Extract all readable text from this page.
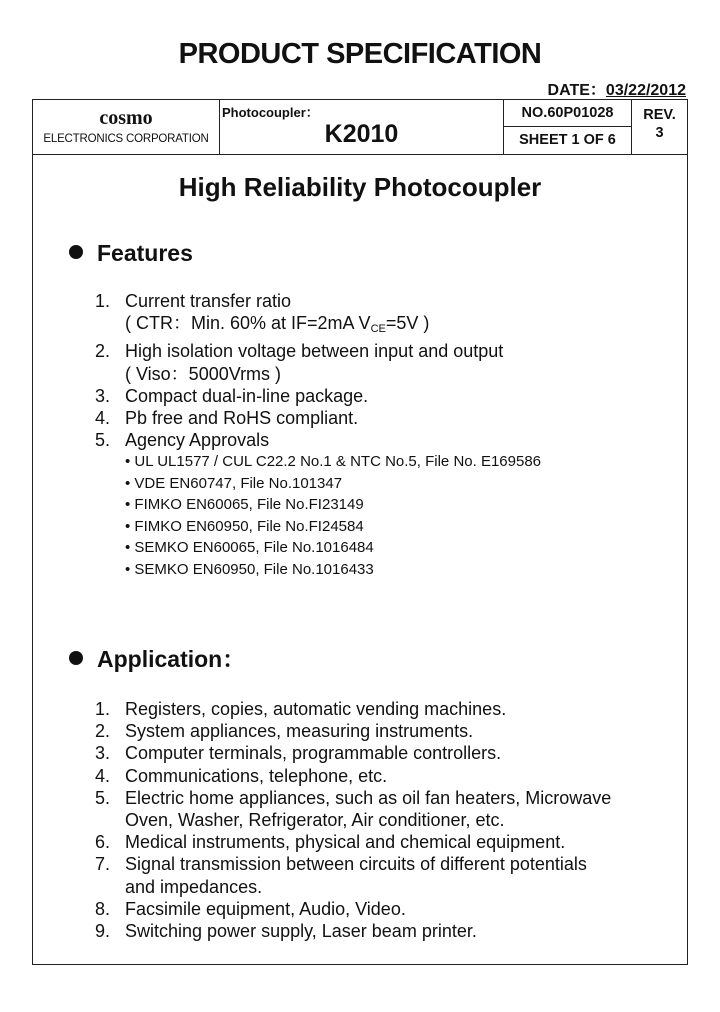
PRODUCT SPECIFICATION
DATE：03/22/2012
cosmo
ELECTRONICS CORPORATION
Photocoupler：
K2010
NO.60P01028
SHEET 1 OF 6
REV.
3
High Reliability Photocoupler
Features
1. Current transfer ratio
( CTR：Min. 60% at IF=2mA $V_{CE}=5V$ )
2. High isolation voltage between input and output
( Viso：5000Vrms )
3. Compact dual-in-line package.
4. Pb free and RoHS compliant.
5. Agency Approvals
• UL UL1577 / CUL C22.2 No.1 & NTC No.5, File No. E169586
• VDE EN60747, File No.101347
• FIMKO EN60065, File No.FI23149
• FIMKO EN60950, File No.FI24584
• SEMKO EN60065, File No.1016484
• SEMKO EN60950, File No.1016433
Application：
1. Registers, copies, automatic vending machines.
2. System appliances, measuring instruments.
3. Computer terminals, programmable controllers.
4. Communications, telephone, etc.
5. Electric home appliances, such as oil fan heaters, Microwave
Oven, Washer, Refrigerator, Air conditioner, etc.
6. Medical instruments, physical and chemical equipment.
7. Signal transmission between circuits of different potentials
and impedances.
8. Facsimile equipment, Audio, Video.
9. Switching power supply, Laser beam printer.
